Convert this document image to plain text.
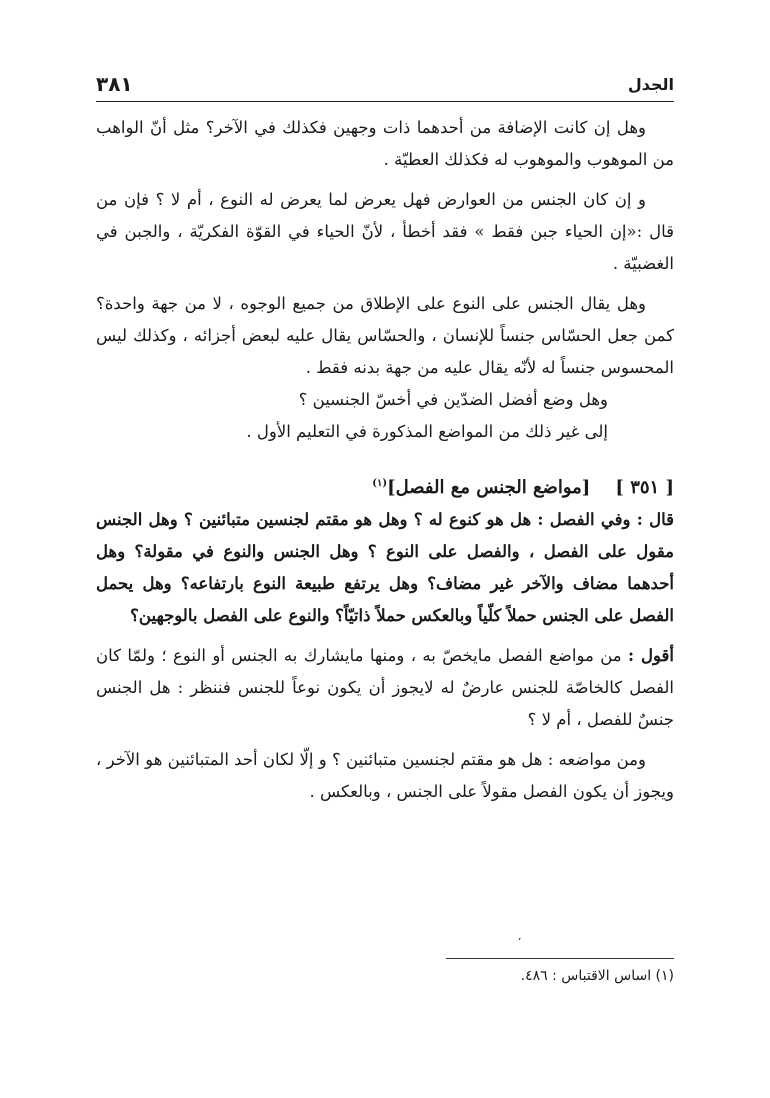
الجدل
٣٨١

وهل إن كانت الإضافة من أحدهما ذات وجهين فكذلك في الآخر؟ مثل أنّ الواهب من الموهوب والموهوب له فكذلك العطيّة .

و إن كان الجنس من العوارض فهل يعرض لما يعرض له النوع ، أم لا ؟ فإن من قال :«إن الحياء جبن فقط » فقد أخطأ ، لأنّ الحياء في القوّة الفكريّة ، والجبن في الغضبيّة .

وهل يقال الجنس على النوع على الإطلاق من جميع الوجوه ، لا من جهة واحدة؟ كمن جعل الحسّاس جنساً للإنسان ، والحسّاس يقال عليه لبعض أجزائه ، وكذلك ليس المحسوس جنساً له لأنّه يقال عليه من جهة بدنه فقط .

وهل وضع أفضل الضدّين في أخسّ الجنسين ؟

إلى غير ذلك من المواضع المذكورة في التعليم الأول .

[ ٣٥١ ]    [مواضع الجنس مع الفصل]$^{(١)}$

قال : وفي الفصل : هل هو كنوع له ؟ وهل هو مقتم لجنسين متبائنين ؟ وهل الجنس مقول على الفصل ، والفصل على النوع ؟ وهل الجنس والنوع في مقولة؟ وهل أحدهما مضاف والآخر غير مضاف؟ وهل يرتفع طبيعة النوع بارتفاعه؟ وهل يحمل الفصل على الجنس حملاً كلّياً وبالعكس حملاً ذاتيّاً؟ والنوع على الفصل بالوجهين؟

أقول : من مواضع الفصل مايخصّ به ، ومنها مايشارك به الجنس أو النوع ؛ ولمّا كان الفصل كالخاصّة للجنس عارضٌ له لايجوز أن يكون نوعاً للجنس فننظر : هل الجنس جنسٌ للفصل ، أم لا ؟

ومن مواضعه : هل هو مقتم لجنسين متبائنين ؟ و إلّا لكان أحد المتبائنين هو الآخر ، ويجوز أن يكون الفصل مقولاً على الجنس ، وبالعكس .

،
(١) اساس الاقتباس : ٤٨٦.
